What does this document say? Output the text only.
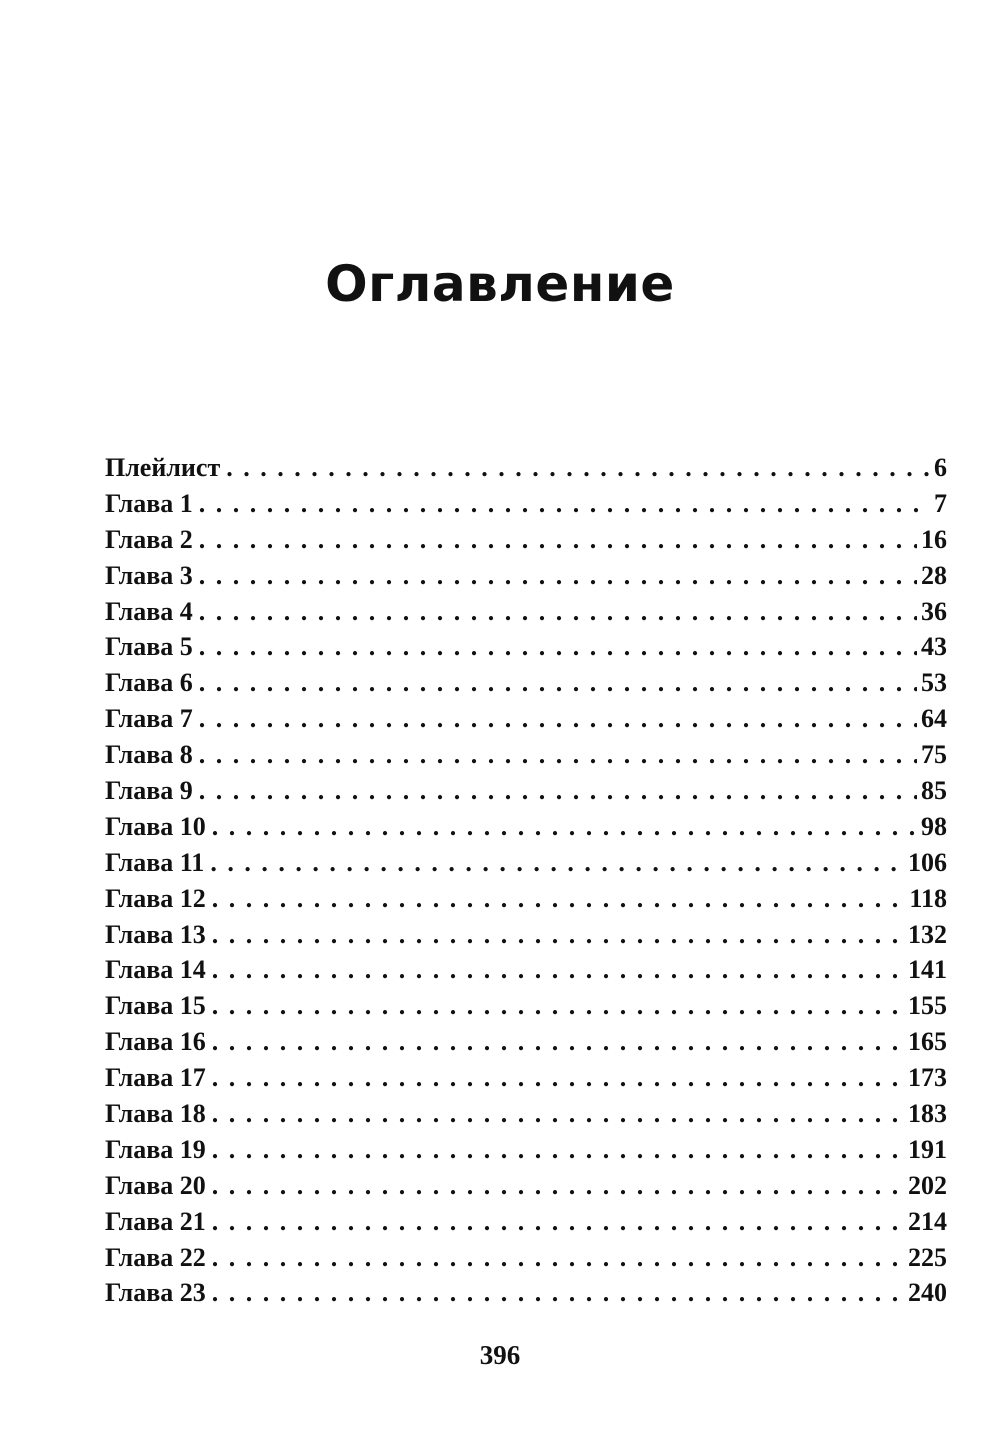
Оглавление
Плейлист . . .	6
Глава 1 . . .	7
Глава 2 . . .	16
Глава 3 . . .	28
Глава 4 . . .	36
Глава 5 . . .	43
Глава 6 . . .	53
Глава 7 . . .	64
Глава 8 . . .	75
Глава 9 . . .	85
Глава 10 . . .	98
Глава 11 . . .	106
Глава 12 . . .	118
Глава 13 . . .	132
Глава 14 . . .	141
Глава 15 . . .	155
Глава 16 . . .	165
Глава 17 . . .	173
Глава 18 . . .	183
Глава 19 . . .	191
Глава 20 . . .	202
Глава 21 . . .	214
Глава 22 . . .	225
Глава 23 . . .	240
396
